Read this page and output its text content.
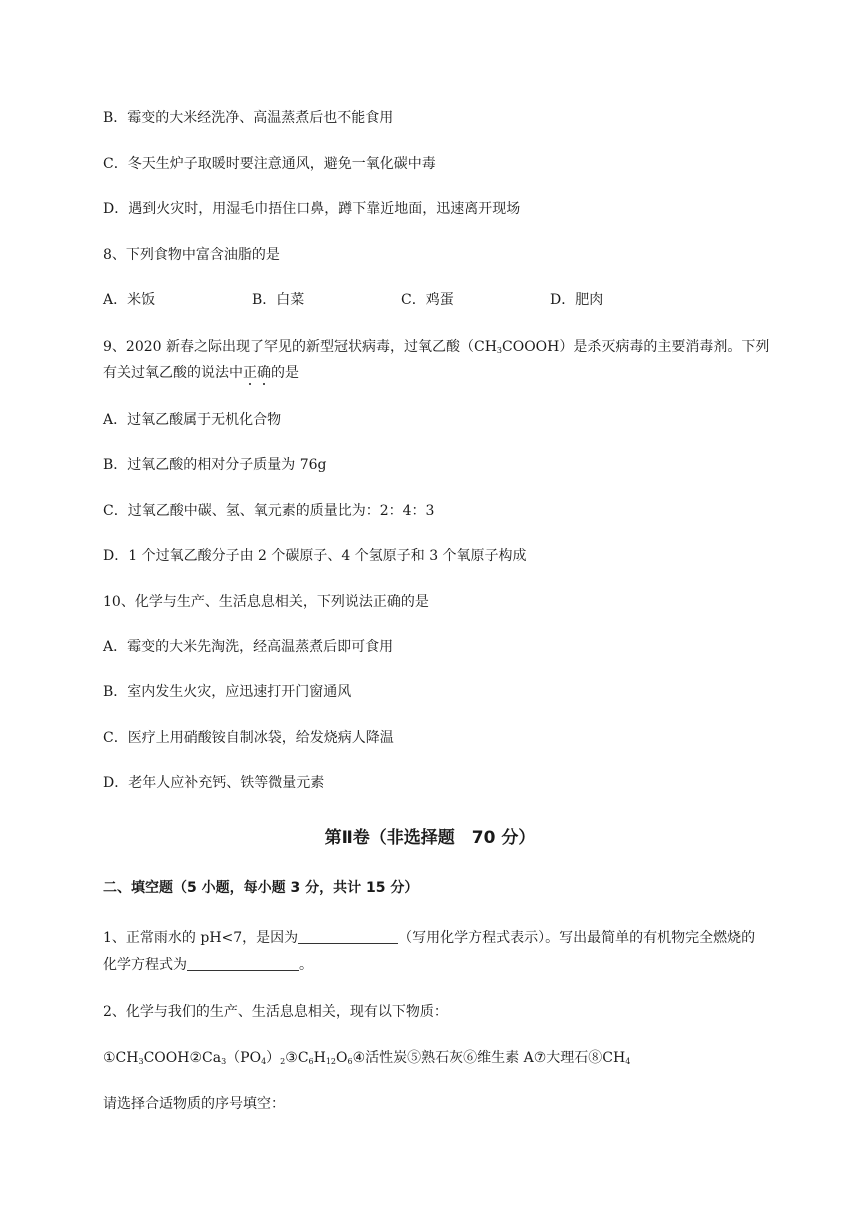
B．霉变的大米经洗净、高温蒸煮后也不能食用
C．冬天生炉子取暖时要注意通风，避免一氧化碳中毒
D．遇到火灾时，用湿毛巾捂住口鼻，蹲下靠近地面，迅速离开现场
8、下列食物中富含油脂的是
A．米饭	B．白菜	C．鸡蛋	D．肥肉
9、2020 新春之际出现了罕见的新型冠状病毒，过氧乙酸$(CH_3COOOH)$是杀灭病毒的主要消毒剂。下列
有关过氧乙酸的说法中正确的是
A．过氧乙酸属于无机化合物
B．过氧乙酸的相对分子质量为 76g
C．过氧乙酸中碳、氢、氧元素的质量比为：2：4：3
D．1 个过氧乙酸分子由 2 个碳原子、4 个氢原子和 3 个氧原子构成
10、化学与生产、生活息息相关，下列说法正确的是
A．霉变的大米先淘洗，经高温蒸煮后即可食用
B．室内发生火灾，应迅速打开门窗通风
C．医疗上用硝酸铵自制冰袋，给发烧病人降温
D．老年人应补充钙、铁等微量元素
第Ⅱ卷（非选择题　70 分）
二、填空题（5 小题，每小题 3 分，共计 15 分）
1、正常雨水的 pH<7，是因为	（写用化学方程式表示）。写出最简单的有机物完全燃烧的
化学方程式为	。
2、化学与我们的生产、生活息息相关，现有以下物质：
$①CH_3COOH②Ca_3(PO_4)_2③C_6H_{12}O_6④$活性炭⑤熟石灰⑥维生素 A⑦大理石$⑧CH_4$
请选择合适物质的序号填空：
